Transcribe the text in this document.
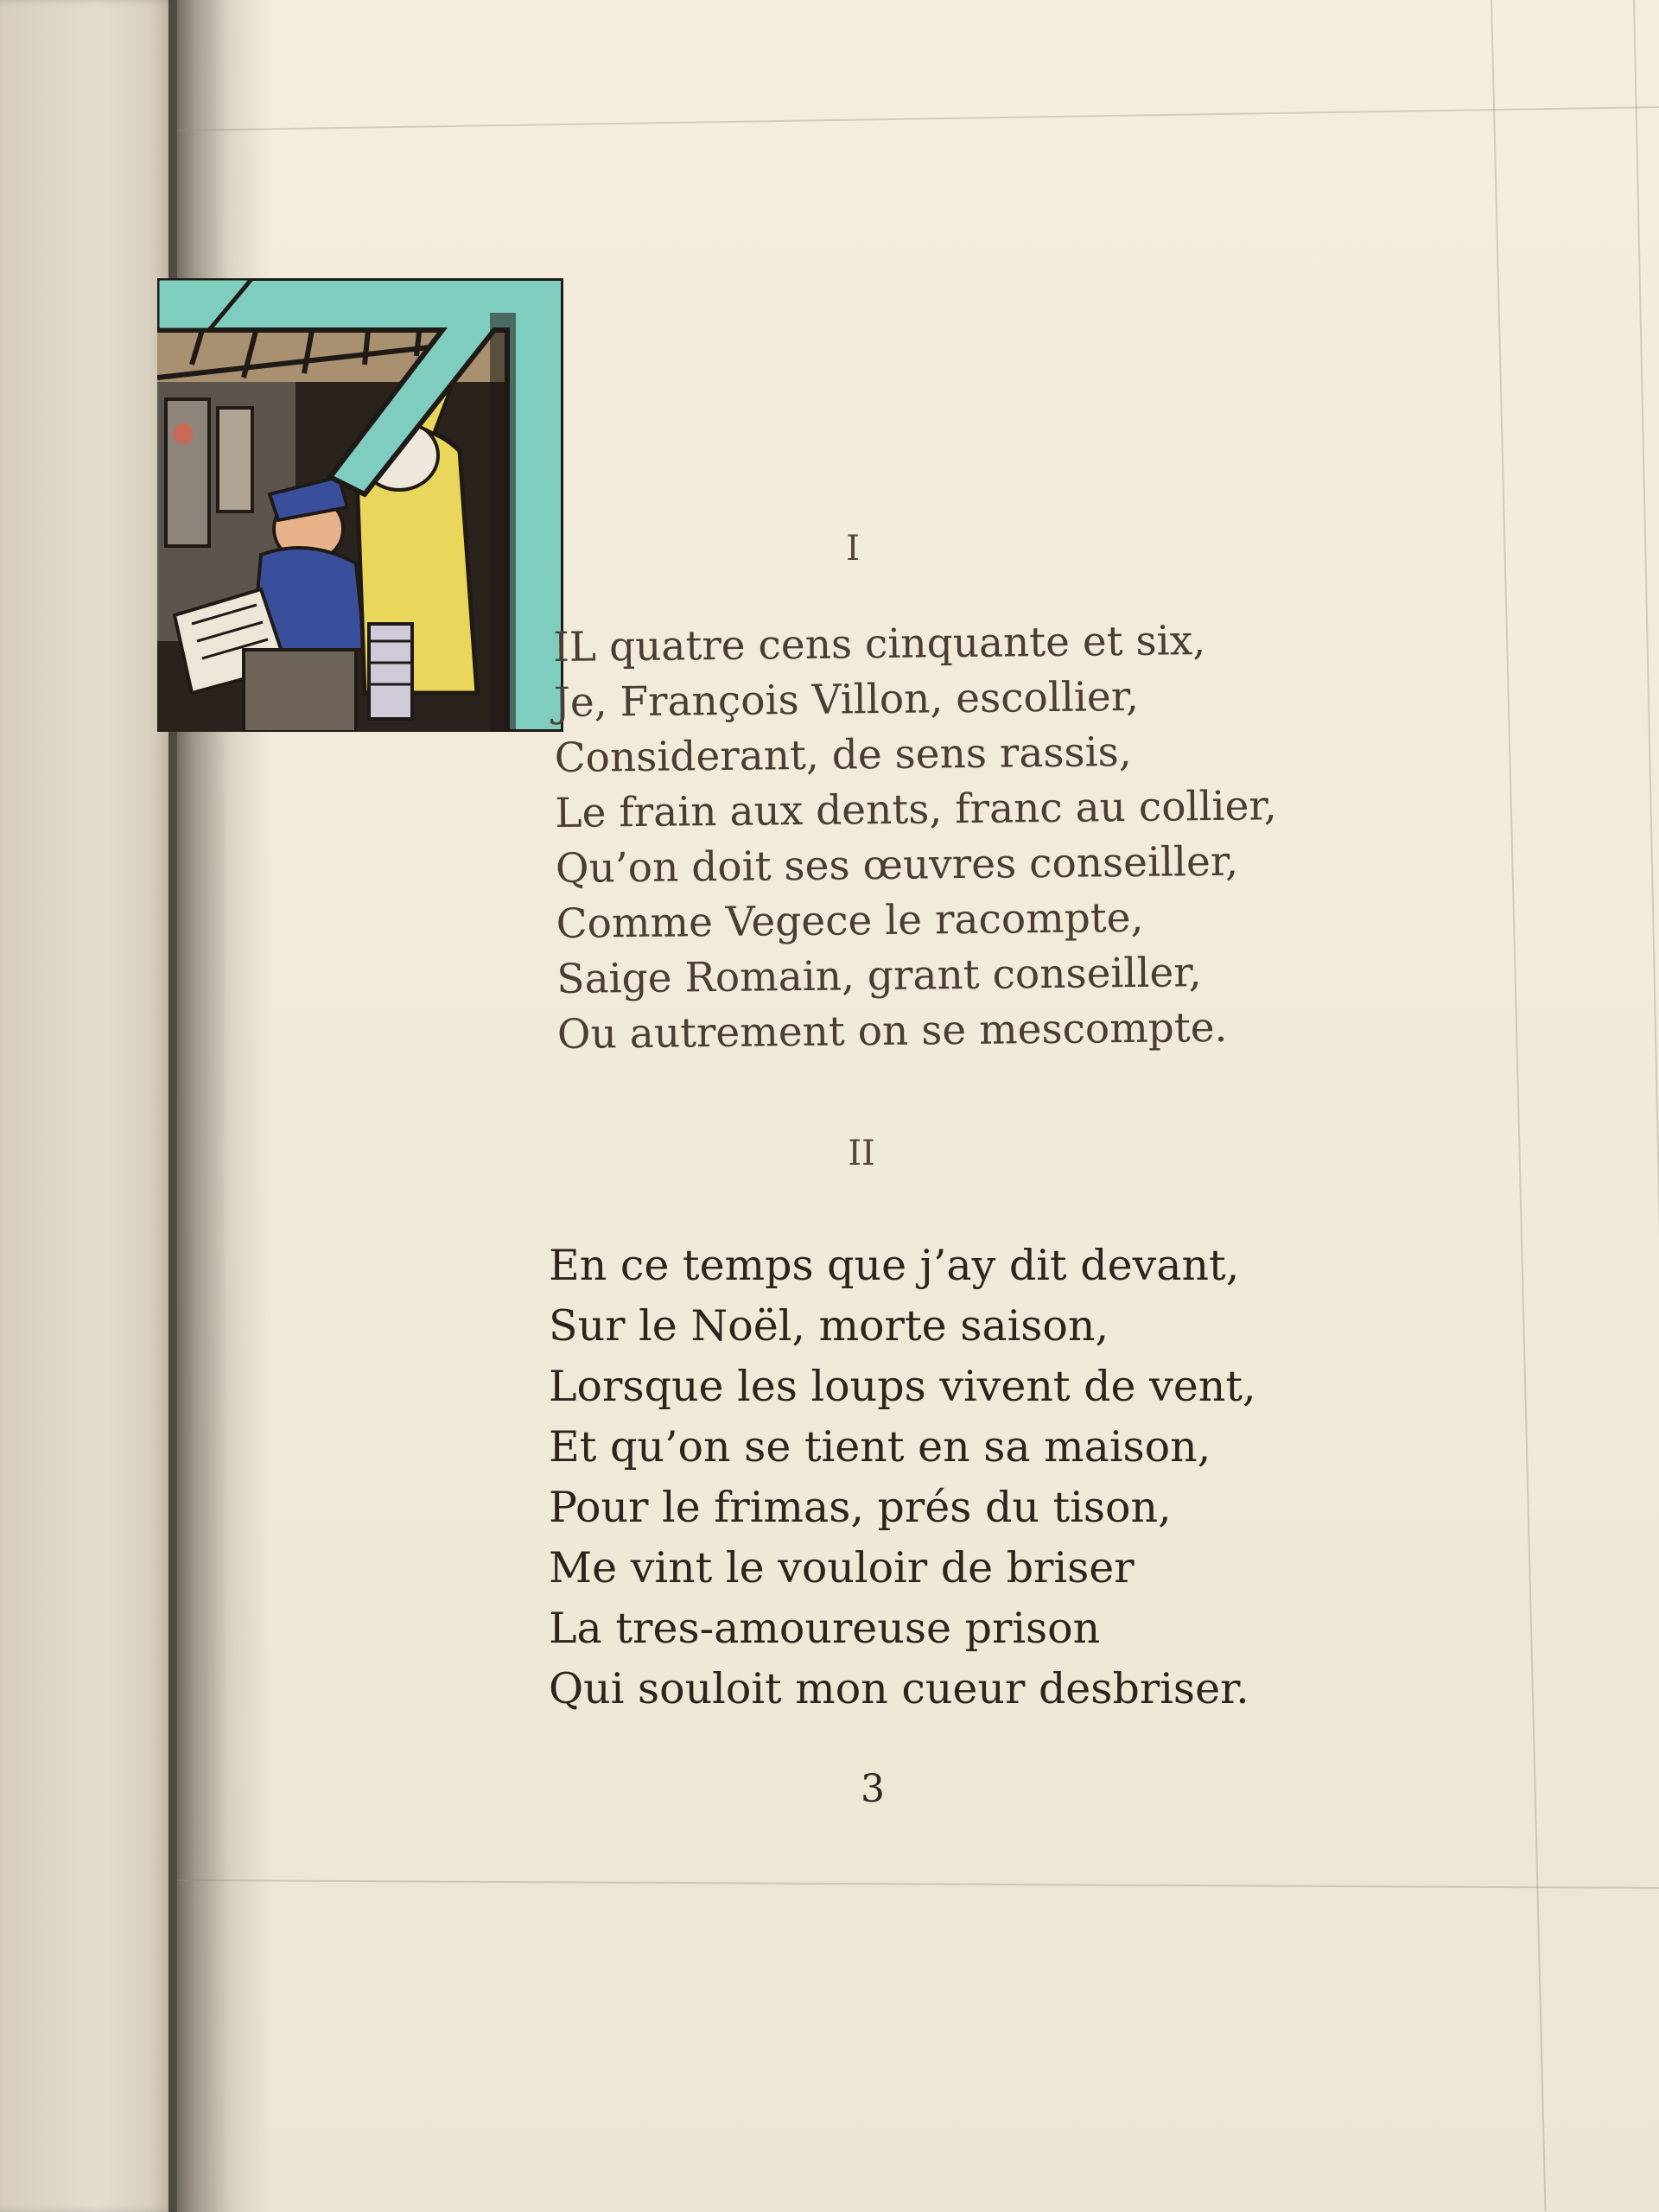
I
IL quatre cens cinquante et six,
Je, François Villon, escollier,
Considerant, de sens rassis,
Le frain aux dents, franc au collier,
Qu’on doit ses œuvres conseiller,
Comme Vegece le racompte,
Saige Romain, grant conseiller,
Ou autrement on se mescompte.
II
En ce temps que j’ay dit devant,
Sur le Noël, morte saison,
Lorsque les loups vivent de vent,
Et qu’on se tient en sa maison,
Pour le frimas, prés du tison,
Me vint le vouloir de briser
La tres-amoureuse prison
Qui souloit mon cueur desbriser.
3
